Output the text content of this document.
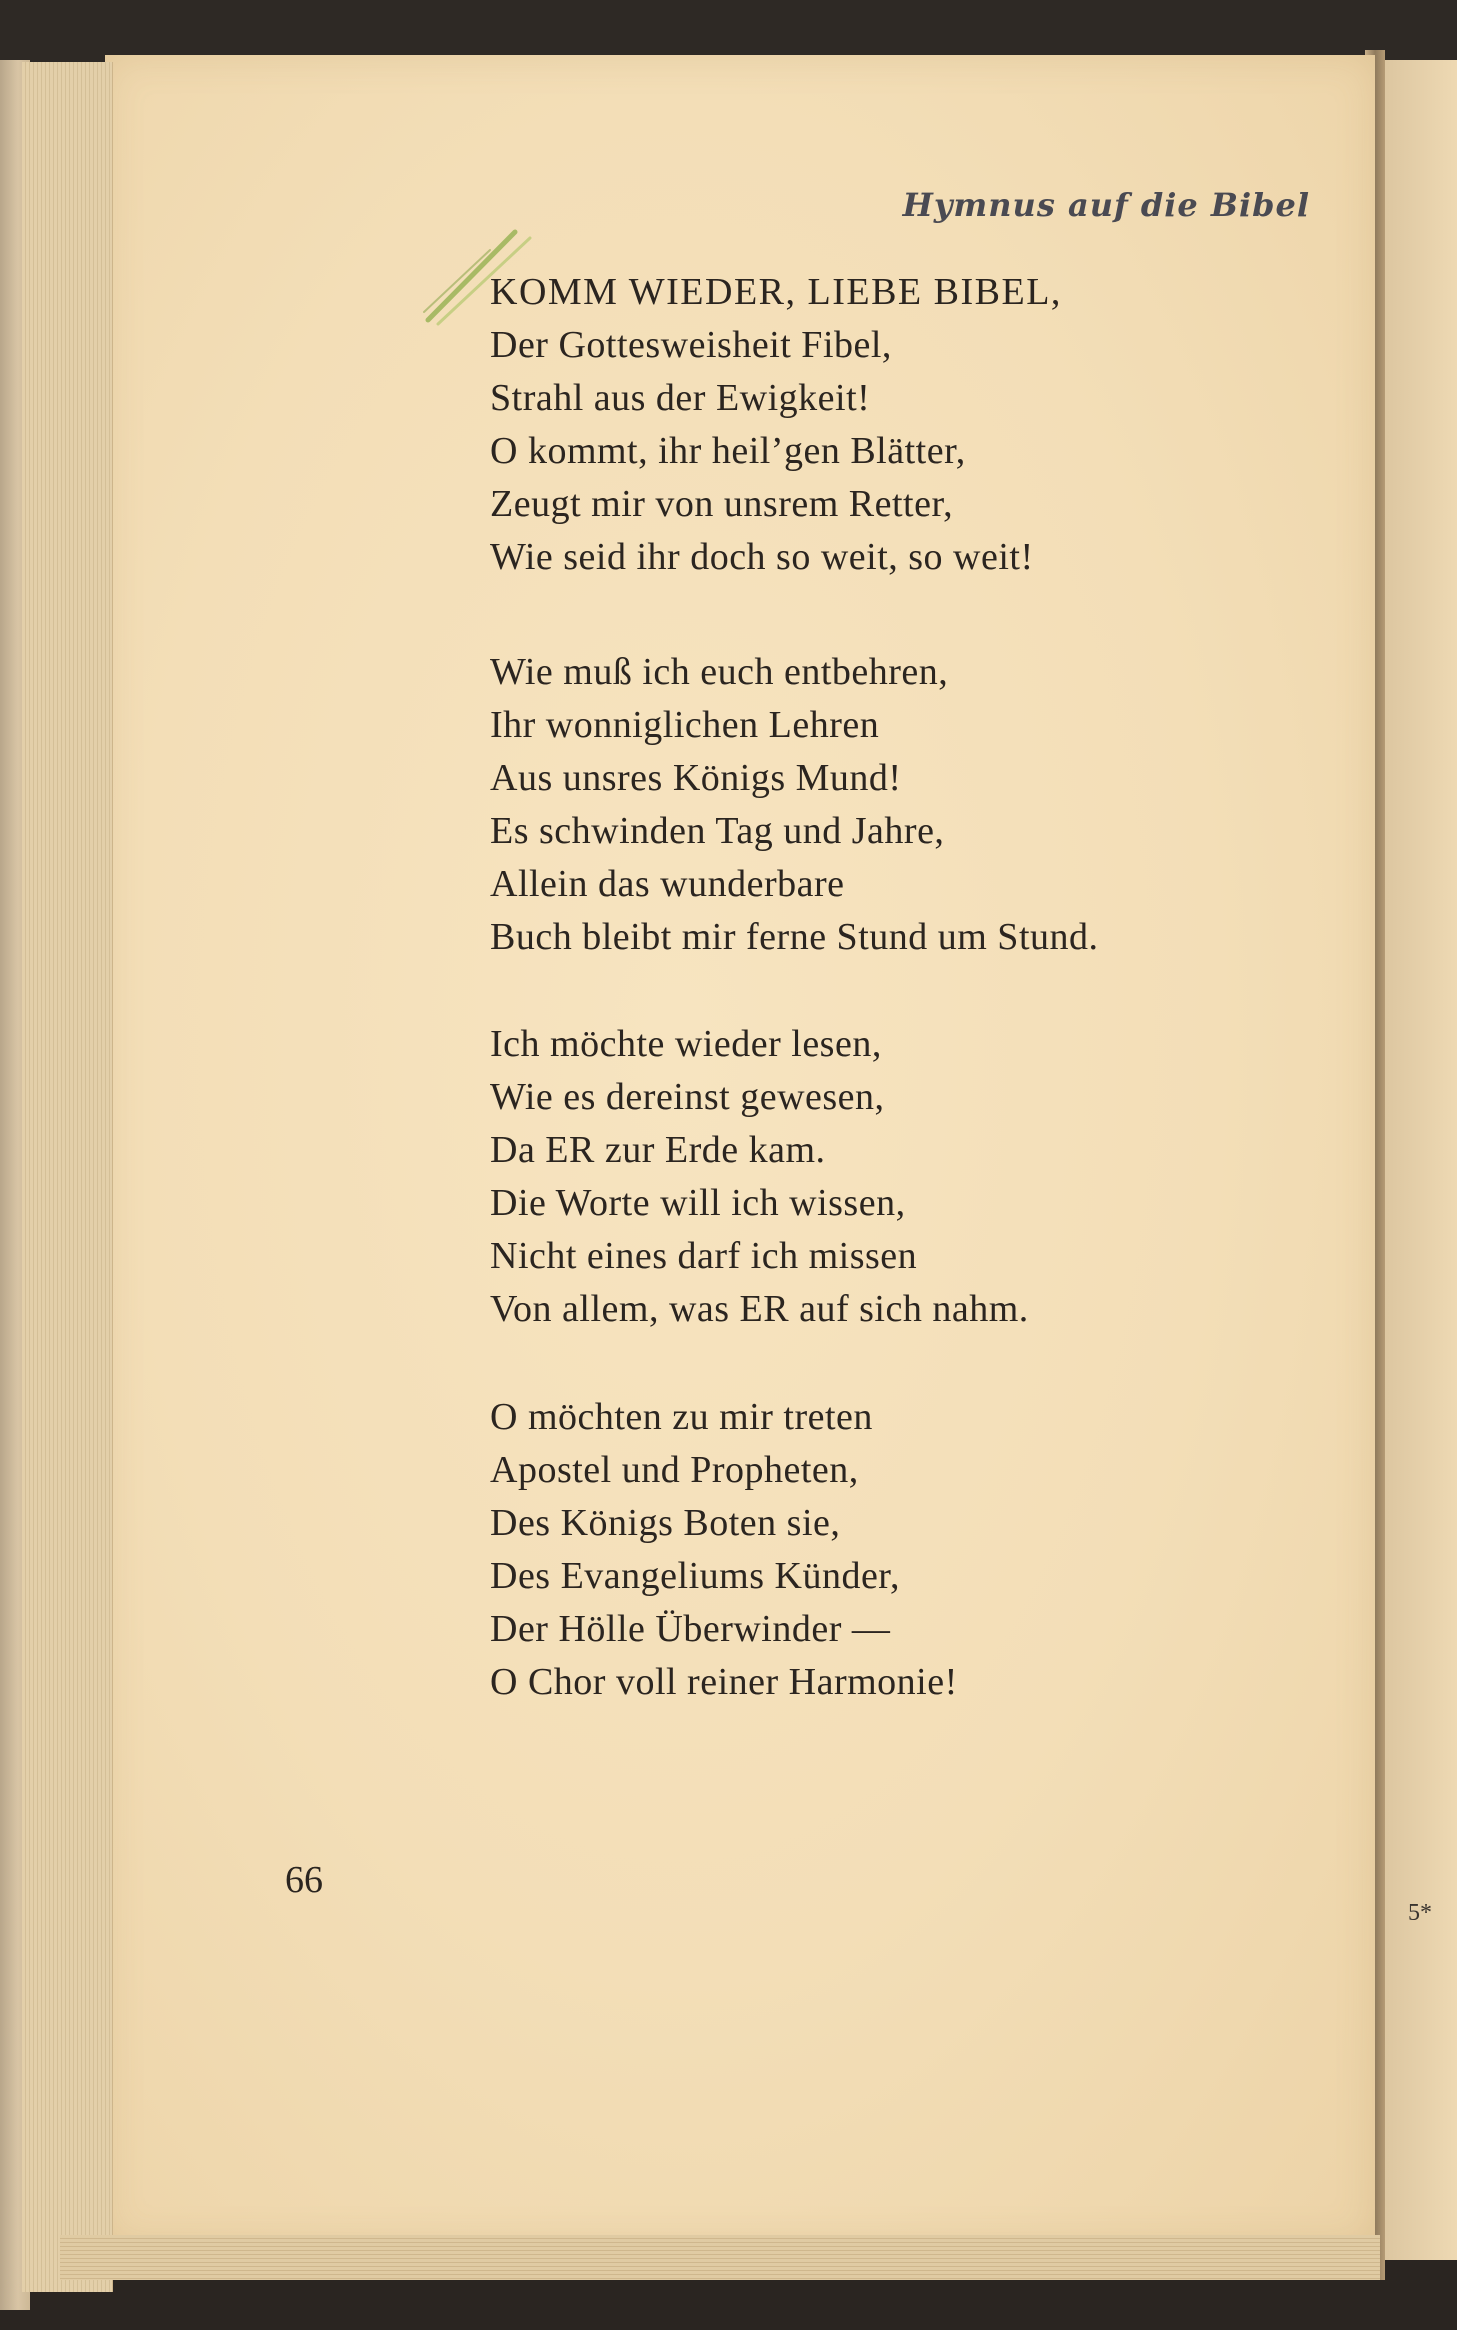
Hymnus auf die Bibel
KOMM WIEDER, LIEBE BIBEL,
Der Gottesweisheit Fibel,
Strahl aus der Ewigkeit!
O kommt, ihr heil’gen Blätter,
Zeugt mir von unsrem Retter,
Wie seid ihr doch so weit, so weit!
Wie muß ich euch entbehren,
Ihr wonniglichen Lehren
Aus unsres Königs Mund!
Es schwinden Tag und Jahre,
Allein das wunderbare
Buch bleibt mir ferne Stund um Stund.
Ich möchte wieder lesen,
Wie es dereinst gewesen,
Da ER zur Erde kam.
Die Worte will ich wissen,
Nicht eines darf ich missen
Von allem, was ER auf sich nahm.
O möchten zu mir treten
Apostel und Propheten,
Des Königs Boten sie,
Des Evangeliums Künder,
Der Hölle Überwinder —
O Chor voll reiner Harmonie!
66
5*
